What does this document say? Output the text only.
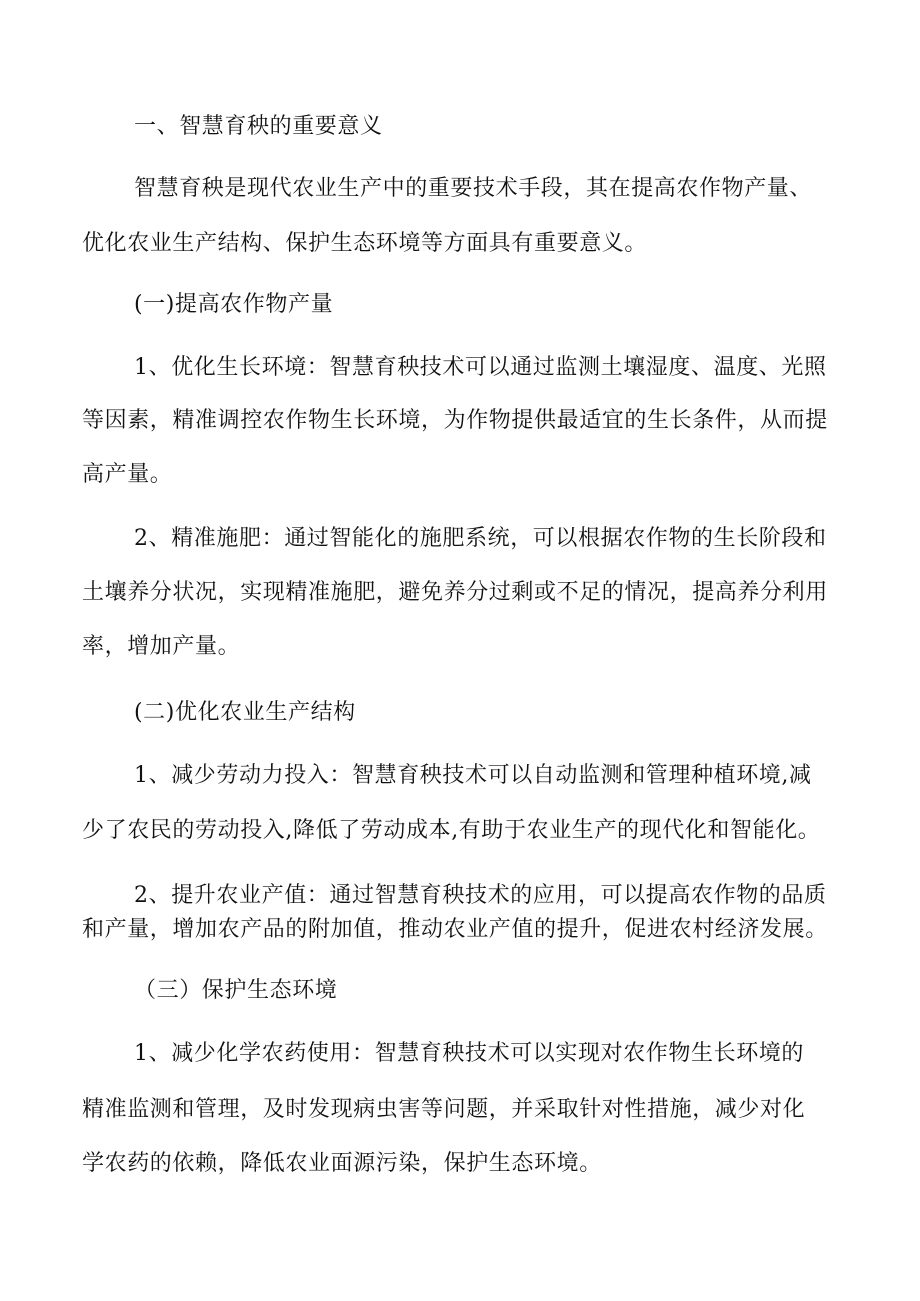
一、智慧育秧的重要意义
智慧育秧是现代农业生产中的重要技术手段，其在提高农作物产量、
优化农业生产结构、保护生态环境等方面具有重要意义。
(一)提高农作物产量
1、优化生长环境：智慧育秧技术可以通过监测土壤湿度、温度、光照
等因素，精准调控农作物生长环境，为作物提供最适宜的生长条件，从而提
高产量。
2、精准施肥：通过智能化的施肥系统，可以根据农作物的生长阶段和
土壤养分状况，实现精准施肥，避免养分过剩或不足的情况，提高养分利用
率，增加产量。
(二)优化农业生产结构
1、减少劳动力投入：智慧育秧技术可以自动监测和管理种植环境,减
少了农民的劳动投入,降低了劳动成本,有助于农业生产的现代化和智能化。
2、提升农业产值：通过智慧育秧技术的应用，可以提高农作物的品质
和产量，增加农产品的附加值，推动农业产值的提升，促进农村经济发展。
（三）保护生态环境
1、减少化学农药使用：智慧育秧技术可以实现对农作物生长环境的
精准监测和管理，及时发现病虫害等问题，并采取针对性措施，减少对化
学农药的依赖，降低农业面源污染，保护生态环境。
